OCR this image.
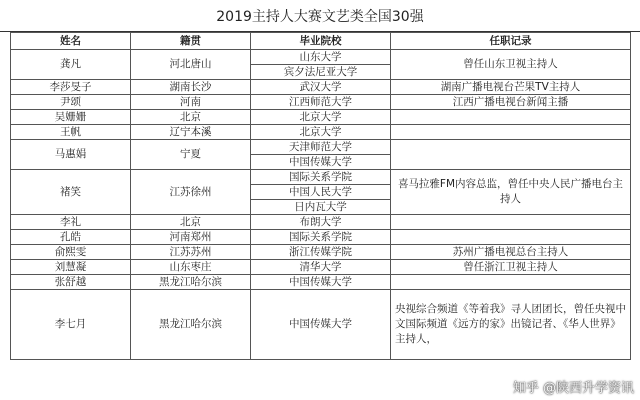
2019主持人大赛文艺类全国30强
姓名	籍贯	毕业院校	任职记录
龚凡	河北唐山	山东大学	曾任山东卫视主持人
		宾夕法尼亚大学	
李莎旻子	湖南长沙	武汉大学	湖南广播电视台芒果TV主持人
尹颂	河南	江西师范大学	江西广播电视台新闻主播
吴姗姗	北京	北京大学	
王帆	辽宁本溪	北京大学	
马惠娟	宁夏	天津师范大学	
		中国传媒大学	
褚笑	江苏徐州	国际关系学院	喜马拉雅FM内容总监，曾任中央人民广播电台主持人
		中国人民大学	
		日内瓦大学	
李礼	北京	布朗大学	
孔皓	河南郑州	国际关系学院	
俞熙雯	江苏苏州	浙江传媒学院	苏州广播电视总台主持人
刘慧凝	山东枣庄	清华大学	曾任浙江卫视主持人
张舒越	黑龙江哈尔滨	中国传媒大学	
李七月	黑龙江哈尔滨	中国传媒大学	央视综合频道《等着我》寻人团团长，曾任央视中文国际频道《远方的家》出镜记者、《华人世界》主持人，
知乎 @陕西升学资讯
